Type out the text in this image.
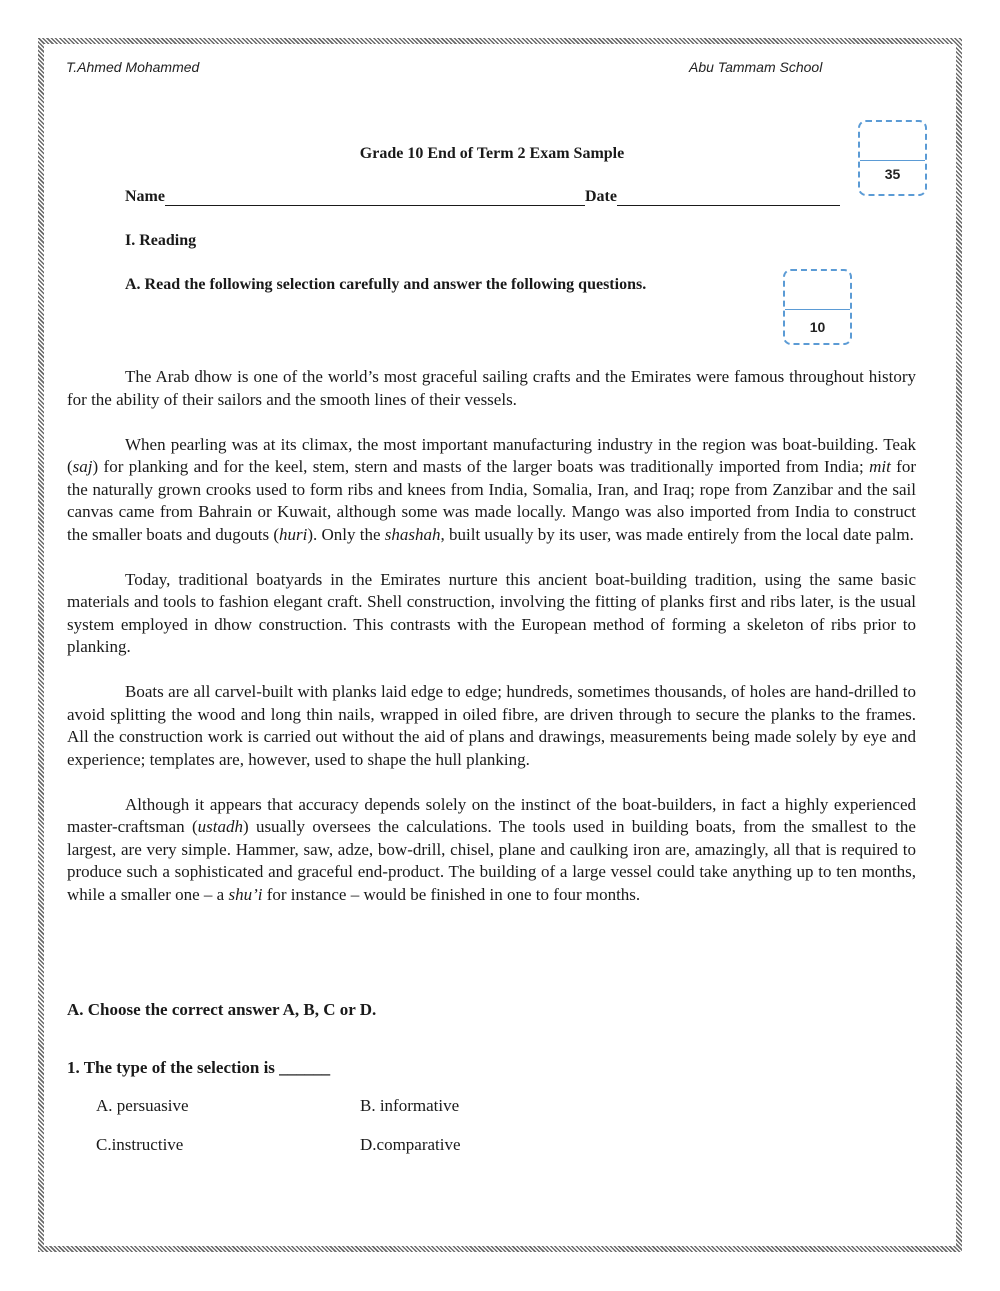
T.Ahmed Mohammed	Abu Tammam School
35
Grade 10 End of Term 2 Exam Sample
Name	Date
I. Reading
A. Read the following selection carefully and answer the following questions.
10

The Arab dhow is one of the world’s most graceful sailing crafts and the Emirates were famous throughout history for the ability of their sailors and the smooth lines of their vessels.

When pearling was at its climax, the most important manufacturing industry in the region was boat-building. Teak (saj) for planking and for the keel, stem, stern and masts of the larger boats was traditionally imported from India; mit for the naturally grown crooks used to form ribs and knees from India, Somalia, Iran, and Iraq; rope from Zanzibar and the sail canvas came from Bahrain or Kuwait, although some was made locally. Mango was also imported from India to construct the smaller boats and dugouts (huri). Only the shashah, built usually by its user, was made entirely from the local date palm.

Today, traditional boatyards in the Emirates nurture this ancient boat-building tradition, using the same basic materials and tools to fashion elegant craft. Shell construction, involving the fitting of planks first and ribs later, is the usual system employed in dhow construction. This contrasts with the European method of forming a skeleton of ribs prior to planking.

Boats are all carvel-built with planks laid edge to edge; hundreds, sometimes thousands, of holes are hand-drilled to avoid splitting the wood and long thin nails, wrapped in oiled fibre, are driven through to secure the planks to the frames. All the construction work is carried out without the aid of plans and drawings, measurements being made solely by eye and experience; templates are, however, used to shape the hull planking.

Although it appears that accuracy depends solely on the instinct of the boat-builders, in fact a highly experienced master-craftsman (ustadh) usually oversees the calculations. The tools used in building boats, from the smallest to the largest, are very simple. Hammer, saw, adze, bow-drill, chisel, plane and caulking iron are, amazingly, all that is required to produce such a sophisticated and graceful end-product. The building of a large vessel could take anything up to ten months, while a smaller one – a shu’i for instance – would be finished in one to four months.

A. Choose the correct answer A, B, C or D.
1. The type of the selection is ______
A. persuasive	B. informative
C.instructive	D.comparative
